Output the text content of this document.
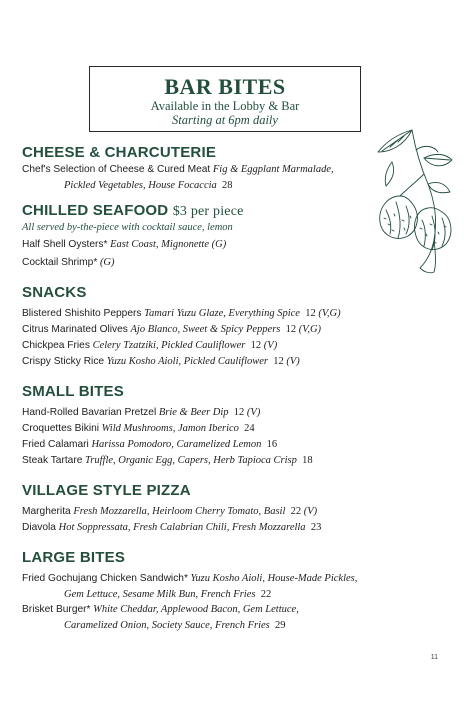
BAR BITES
Available in the Lobby & Bar
Starting at 6pm daily
CHEESE & CHARCUTERIE
Chef's Selection of Cheese & Cured Meat Fig & Eggplant Marmalade,
Pickled Vegetables, House Focaccia 28
CHILLED SEAFOOD $3 per piece
All served by-the-piece with cocktail sauce, lemon
Half Shell Oysters* East Coast, Mignonette (G)
Cocktail Shrimp* (G)
SNACKS
Blistered Shishito Peppers Tamari Yuzu Glaze, Everything Spice 12 (V,G)
Citrus Marinated Olives Ajo Blanco, Sweet & Spicy Peppers 12 (V,G)
Chickpea Fries Celery Tzatziki, Pickled Cauliflower 12 (V)
Crispy Sticky Rice Yuzu Kosho Aioli, Pickled Cauliflower 12 (V)
SMALL BITES
Hand-Rolled Bavarian Pretzel Brie & Beer Dip 12 (V)
Croquettes Bikini Wild Mushrooms, Jamon Iberico 24
Fried Calamari Harissa Pomodoro, Caramelized Lemon 16
Steak Tartare Truffle, Organic Egg, Capers, Herb Tapioca Crisp 18
VILLAGE STYLE PIZZA
Margherita Fresh Mozzarella, Heirloom Cherry Tomato, Basil 22 (V)
Diavola Hot Soppressata, Fresh Calabrian Chili, Fresh Mozzarella 23
LARGE BITES
Fried Gochujang Chicken Sandwich* Yuzu Kosho Aioli, House-Made Pickles,
Gem Lettuce, Sesame Milk Bun, French Fries 22
Brisket Burger* White Cheddar, Applewood Bacon, Gem Lettuce,
Caramelized Onion, Society Sauce, French Fries 29
11
